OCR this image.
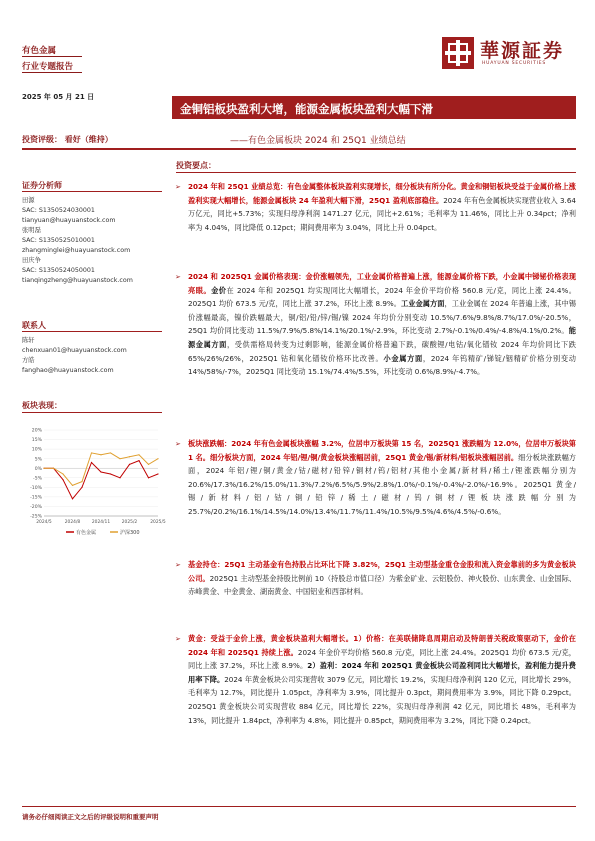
有色金属
行业专题报告
2025 年 05 月 21 日
華源証券
HUAYUAN SECURITIES
金铜铝板块盈利大增，能源金属板块盈利大幅下滑
投资评级： 看好（维持）	——有色金属板块 2024 和 25Q1 业绩总结
证券分析师
田源
SAC: S1350524030001
tianyuan@huayuanstock.com
张明磊
SAC: S1350525010001
zhangminglei@huayuanstock.com
田庆争
SAC: S1350524050001
tianqingzheng@huayuanstock.com
联系人
陈轩
chenxuan01@huayuanstock.com
方皓
fanghao@huayuanstock.com
板块表现：
20%
15%
10%
5%
0%
-5%
-10%
-15%
-20%
-25%
2024/5	2024/8	2024/11	2025/2	2025/5
有色金属	沪深300
投资要点：
➢ 2024 年和 25Q1 业绩总览：有色金属整体板块盈利实现增长，细分板块有所分化。黄金和铜铝板块受益于金属价格上涨盈利实现大幅增长，能源金属板块 24 年盈利大幅下滑，25Q1 盈利底部稳住。2024 年有色金属板块实现营业收入 3.64 万亿元，同比+5.73%；实现归母净利润 1471.27 亿元，同比+2.61%；毛利率为 11.46%，同比上升 0.34pct；净利率为 4.04%，同比降低 0.12pct；期间费用率为 3.04%，同比上升 0.04pct。
➢ 2024 和 2025Q1 金属价格表现：金价涨幅领先，工业金属价格普遍上涨，能源金属价格下跌，小金属中锑铋价格表现亮眼。金价在 2024 年和 2025Q1 均实现同比大幅增长，2024 年金价平均价格 560.8 元/克，同比上涨 24.4%。2025Q1 均价 673.5 元/克，同比上涨 37.2%，环比上涨 8.9%。工业金属方面，工业金属在 2024 年普遍上涨，其中锡价涨幅最高，镍价跌幅最大，铜/铝/铅/锌/锡/镍 2024 年均价分别变动 10.5%/7.6%/9.8%/8.7%/17.0%/-20.5%，25Q1 均价同比变动 11.5%/7.9%/5.8%/14.1%/20.1%/-2.9%，环比变动 2.7%/-0.1%/0.4%/-4.8%/4.1%/0.2%。能源金属方面，受供需格局转变为过剩影响，能源金属价格普遍下跌，碳酸锂/电钴/氧化镨钕 2024 年均价同比下跌 65%/26%/26%，2025Q1 钴和氧化镨钕价格环比改善。小金属方面，2024 年钨精矿/锑锭/铟精矿价格分别变动 14%/58%/-7%，2025Q1 同比变动 15.1%/74.4%/5.5%，环比变动 0.6%/8.9%/-4.7%。
➢ 板块涨跌幅：2024 年有色金属板块涨幅 3.2%，位居申万板块第 15 名，2025Q1 涨跌幅为 12.0%，位居申万板块第 1 名。细分板块方面，2024 年铝/锂/铜/黄金板块涨幅居前，25Q1 黄金/锡/新材料/铝板块涨幅居前。细分板块涨跌幅方面，2024 年铝/锂/铜/黄金/钴/磁材/铅锌/铜材/钨/铝材/其他小金属/新材料/稀土/锂涨跌幅分别为 20.6%/17.3%/16.2%/15.0%/11.3%/7.2%/6.5%/5.9%/2.8%/1.0%/-0.1%/-0.4%/-2.0%/-16.9%。2025Q1 黄金/锡/新材料/铝/钴/铜/铅锌/稀土/磁材/钨/铜材/锂板块涨跌幅分别为 25.7%/20.2%/16.1%/14.5%/14.0%/13.4%/11.7%/11.4%/10.5%/9.5%/4.6%/4.5%/-0.6%。
➢ 基金持仓：25Q1 主动基金有色持股占比环比下降 3.82%，25Q1 主动型基金重仓金股和流入资金靠前的多为黄金板块公司。2025Q1 主动型基金持股比例前 10（持股总市值口径）为紫金矿业、云铝股份、神火股份、山东黄金、山金国际、赤峰黄金、中金黄金、湖南黄金、中国铝业和西部材料。
➢ 黄金：受益于金价上涨，黄金板块盈利大幅增长。1）价格：在美联储降息周期启动及特朗普关税政策驱动下，金价在 2024 年和 2025Q1 持续上涨。2024 年金价平均价格 560.8 元/克，同比上涨 24.4%。2025Q1 均价 673.5 元/克，同比上涨 37.2%，环比上涨 8.9%。2）盈利：2024 年和 2025Q1 黄金板块公司盈利同比大幅增长，盈利能力提升费用率下降。2024 年黄金板块公司实现营收 3079 亿元，同比增长 19.2%，实现归母净利润 120 亿元，同比增长 29%，毛利率为 12.7%，同比提升 1.05pct，净利率为 3.9%，同比提升 0.3pct，期间费用率为 3.9%，同比下降 0.29pct。2025Q1 黄金板块公司实现营收 884 亿元，同比增长 22%，实现归母净利润 42 亿元，同比增长 48%，毛利率为 13%，同比提升 1.84pct，净利率为 4.8%，同比提升 0.85pct，期间费用率为 3.2%，同比下降 0.24pct。
请务必仔细阅读正文之后的评级说明和重要声明
